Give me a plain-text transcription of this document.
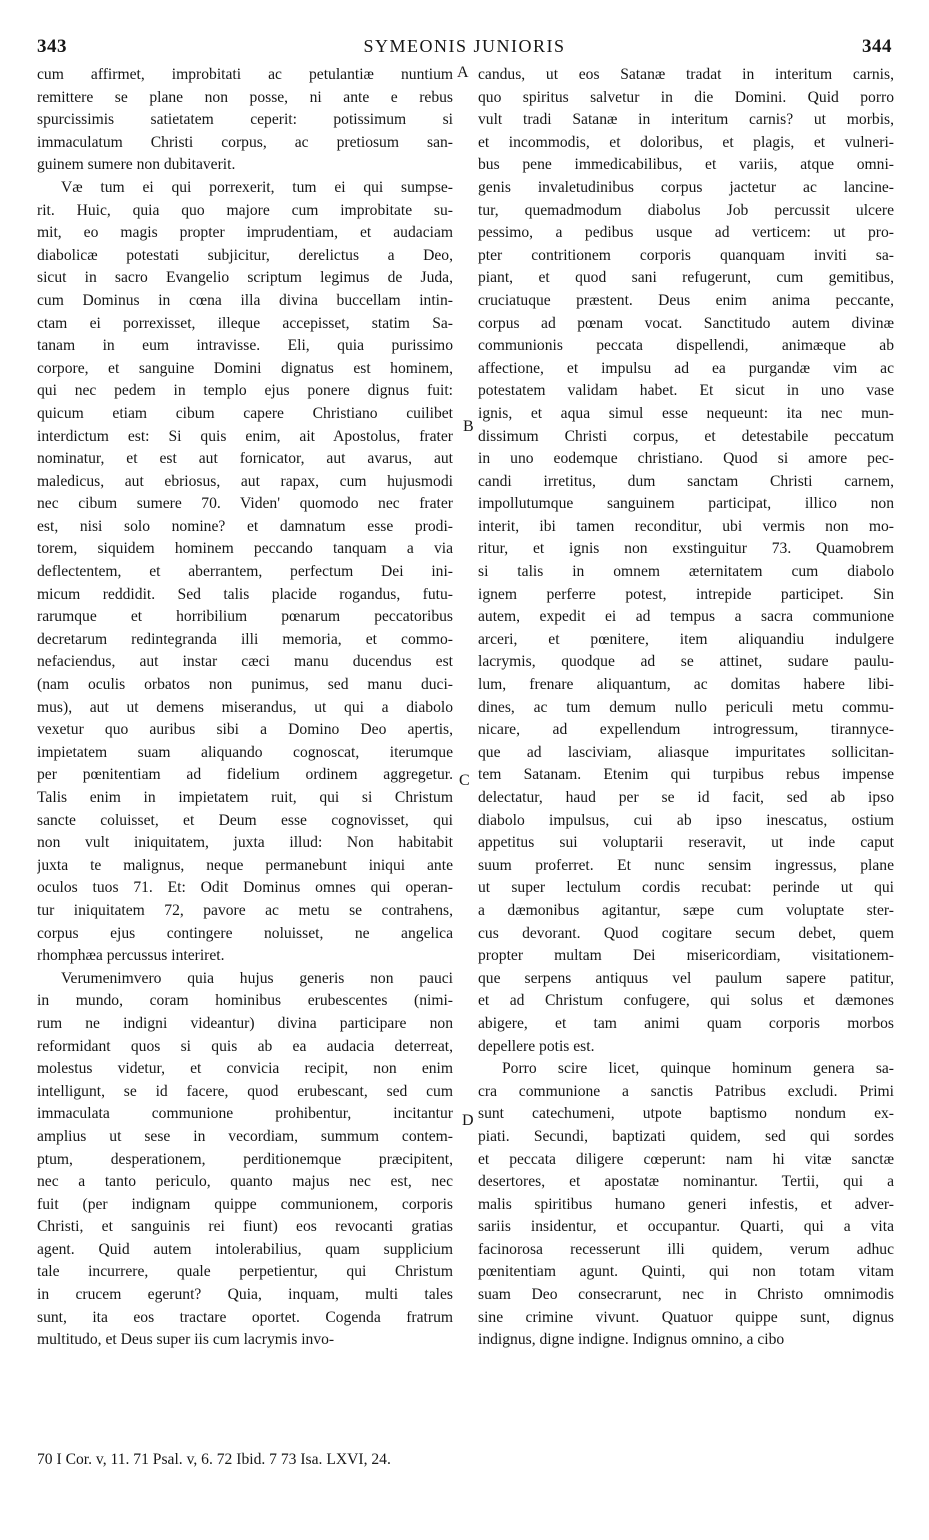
343	SYMEONIS JUNIORIS	344
cum affirmet, improbitati ac petulantiæ nuntium
remittere se plane non posse, ni ante e rebus
spurcissimis satietatem ceperit: potissimum si
immaculatum Christi corpus, ac pretiosum san-
guinem sumere non dubitaverit.
Væ tum ei qui porrexerit, tum ei qui sumpse-
rit. Huic, quia quo majore cum improbitate su-
mit, eo magis propter imprudentiam, et audaciam
diabolicæ potestati subjicitur, derelictus a Deo,
sicut in sacro Evangelio scriptum legimus de Juda,
cum Dominus in cœna illa divina buccellam intin-
ctam ei porrexisset, illeque accepisset, statim Sa-
tanam in eum intravisse. Eli, quia purissimo
corpore, et sanguine Domini dignatus est hominem,
qui nec pedem in templo ejus ponere dignus fuit:
quicum etiam cibum capere Christiano cuilibet
interdictum est: Si quis enim, ait Apostolus, frater
nominatur, et est aut fornicator, aut avarus, aut
maledicus, aut ebriosus, aut rapax, cum hujusmodi
nec cibum sumere 70. Viden' quomodo nec frater
est, nisi solo nomine? et damnatum esse prodi-
torem, siquidem hominem peccando tanquam a via
deflectentem, et aberrantem, perfectum Dei ini-
micum reddidit. Sed talis placide rogandus, futu-
rarumque et horribilium pœnarum peccatoribus
decretarum redintegranda illi memoria, et commo-
nefaciendus, aut instar cæci manu ducendus est
(nam oculis orbatos non punimus, sed manu duci-
mus), aut ut demens miserandus, ut qui a diabolo
vexetur quo auribus sibi a Domino Deo apertis,
impietatem suam aliquando cognoscat, iterumque
per pœnitentiam ad fidelium ordinem aggregetur.
Talis enim in impietatem ruit, qui si Christum
sancte coluisset, et Deum esse cognovisset, qui
non vult iniquitatem, juxta illud: Non habitabit
juxta te malignus, neque permanebunt iniqui ante
oculos tuos 71. Et: Odit Dominus omnes qui operan-
tur iniquitatem 72, pavore ac metu se contrahens,
corpus ejus contingere noluisset, ne angelica
rhomphæa percussus interiret.
Verumenimvero quia hujus generis non pauci
in mundo, coram hominibus erubescentes (nimi-
rum ne indigni videantur) divina participare non
reformidant quos si quis ab ea audacia deterreat,
molestus videtur, et convicia recipit, non enim
intelligunt, se id facere, quod erubescant, sed cum
immaculata communione prohibentur, incitantur
amplius ut sese in vecordiam, summum contem-
ptum, desperationem, perditionemque præcipitent,
nec a tanto periculo, quanto majus nec est, nec
fuit (per indignam quippe communionem, corporis
Christi, et sanguinis rei fiunt) eos revocanti gratias
agent. Quid autem intolerabilius, quam supplicium
tale incurrere, quale perpetientur, qui Christum
in crucem egerunt? Quia, inquam, multi tales
sunt, ita eos tractare oportet. Cogenda fratrum
multitudo, et Deus super iis cum lacrymis invo-
candus, ut eos Satanæ tradat in interitum carnis,
quo spiritus salvetur in die Domini. Quid porro
vult tradi Satanæ in interitum carnis? ut morbis,
et incommodis, et doloribus, et plagis, et vulneri-
bus pene immedicabilibus, et variis, atque omni-
genis invaletudinibus corpus jactetur ac lancine-
tur, quemadmodum diabolus Job percussit ulcere
pessimo, a pedibus usque ad verticem: ut pro-
pter contritionem corporis quanquam inviti sa-
piant, et quod sani refugerunt, cum gemitibus,
cruciatuque præstent. Deus enim anima peccante,
corpus ad pœnam vocat. Sanctitudo autem divinæ
communionis peccata dispellendi, animæque ab
affectione, et impulsu ad ea purgandæ vim ac
potestatem validam habet. Et sicut in uno vase
ignis, et aqua simul esse nequeunt: ita nec mun-
dissimum Christi corpus, et detestabile peccatum
in uno eodemque christiano. Quod si amore pec-
candi irretitus, dum sanctam Christi carnem,
impollutumque sanguinem participat, illico non
interit, ibi tamen reconditur, ubi vermis non mo-
ritur, et ignis non exstinguitur 73. Quamobrem
si talis in omnem æternitatem cum diabolo
ignem perferre potest, intrepide participet. Sin
autem, expedit ei ad tempus a sacra communione
arceri, et pœnitere, item aliquandiu indulgere
lacrymis, quodque ad se attinet, sudare paulu-
lum, frenare aliquantum, ac domitas habere libi-
dines, ac tum demum nullo periculi metu commu-
nicare, ad expellendum introgressum, tirannyce-
que ad lasciviam, aliasque impuritates sollicitan-
tem Satanam. Etenim qui turpibus rebus impense
delectatur, haud per se id facit, sed ab ipso
diabolo impulsus, cui ab ipso inescatus, ostium
appetitus sui voluptarii reseravit, ut inde caput
suum proferret. Et nunc sensim ingressus, plane
ut super lectulum cordis recubat: perinde ut qui
a dæmonibus agitantur, sæpe cum voluptate ster-
cus devorant. Quod cogitare secum debet, quem
propter multam Dei misericordiam, visitationem-
que serpens antiquus vel paulum sapere patitur,
et ad Christum confugere, qui solus et dæmones
abigere, et tam animi quam corporis morbos
depellere potis est.
Porro scire licet, quinque hominum genera sa-
cra communione a sanctis Patribus excludi. Primi
sunt catechumeni, utpote baptismo nondum ex-
piati. Secundi, baptizati quidem, sed qui sordes
et peccata diligere cœperunt: nam hi vitæ sanctæ
desertores, et apostatæ nominantur. Tertii, qui a
malis spiritibus humano generi infestis, et adver-
sariis insidentur, et occupantur. Quarti, qui a vita
facinorosa recesserunt illi quidem, verum adhuc
pœnitentiam agunt. Quinti, qui non totam vitam
suam Deo consecrarunt, nec in Christo omnimodis
sine crimine vivunt. Quatuor quippe sunt, dignus
indignus, digne indigne. Indignus omnino, a cibo
A
B
C
D
70 I Cor. v, 11. 71 Psal. v, 6. 72 Ibid. 7 73 Isa. LXVI, 24.
